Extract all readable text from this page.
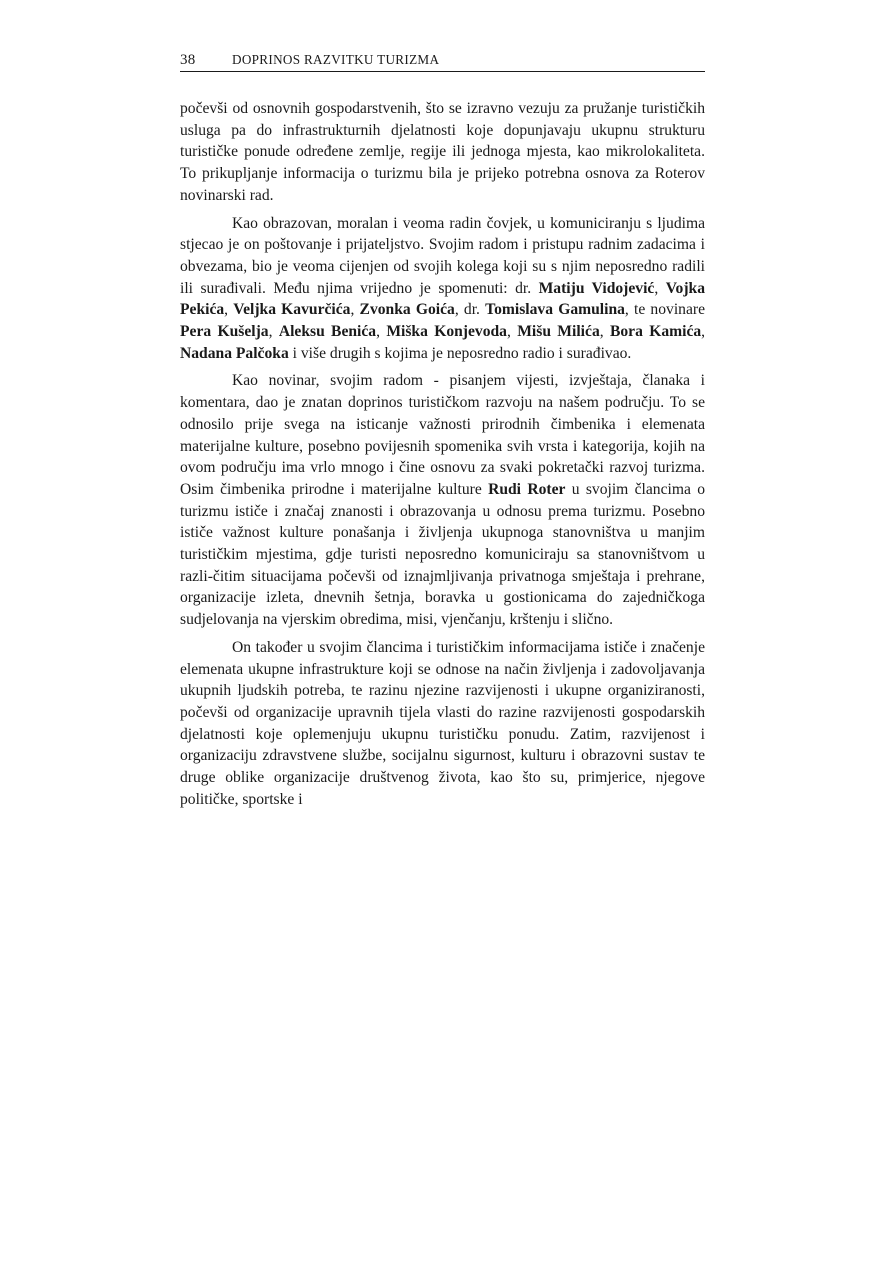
38	DOPRINOS RAZVITKU TURIZMA

počevši od osnovnih gospodarstvenih, što se izravno vezuju za pružanje turističkih usluga pa do infrastrukturnih djelatnosti koje dopunjavaju ukupnu strukturu turističke ponude određene zemlje, regije ili jednoga mjesta, kao mikrolokaliteta. To prikupljanje informacija o turizmu bila je prijeko potrebna osnova za Roterov novinarski rad.

Kao obrazovan, moralan i veoma radin čovjek, u komuniciranju s ljudima stjecao je on poštovanje i prijateljstvo. Svojim radom i pristupu radnim zadacima i obvezama, bio je veoma cijenjen od svojih kolega koji su s njim neposredno radili ili surađivali. Među njima vrijedno je spomenuti: dr. Matiju Vidojević, Vojka Pekića, Veljka Kavurčića, Zvonka Goića, dr. Tomislava Gamulina, te novinare Pera Kušelja, Aleksu Benića, Miška Konjevoda, Mišu Milića, Bora Kamića, Nadana Palčoka i više drugih s kojima je neposredno radio i surađivao.

Kao novinar, svojim radom - pisanjem vijesti, izvještaja, članaka i komentara, dao je znatan doprinos turističkom razvoju na našem području. To se odnosilo prije svega na isticanje važnosti prirodnih čimbenika i elemenata materijalne kulture, posebno povijesnih spomenika svih vrsta i kategorija, kojih na ovom području ima vrlo mnogo i čine osnovu za svaki pokretački razvoj turizma. Osim čimbenika prirodne i materijalne kulture Rudi Roter u svojim člancima o turizmu ističe i značaj znanosti i obrazovanja u odnosu prema turizmu. Posebno ističe važnost kulture ponašanja i življenja ukupnoga stanovništva u manjim turističkim mjestima, gdje turisti neposredno komuniciraju sa stanovništvom u razli-čitim situacijama počevši od iznajmljivanja privatnoga smještaja i prehrane, organizacije izleta, dnevnih šetnja, boravka u gostionicama do zajedničkoga sudjelovanja na vjerskim obredima, misi, vjenčanju, krštenju i slično.

On također u svojim člancima i turističkim informacijama ističe i značenje elemenata ukupne infrastrukture koji se odnose na način življenja i zadovoljavanja ukupnih ljudskih potreba, te razinu njezine razvijenosti i ukupne organiziranosti, počevši od organizacije upravnih tijela vlasti do razine razvijenosti gospodarskih djelatnosti koje oplemenjuju ukupnu turističku ponudu. Zatim, razvijenost i organizaciju zdravstvene službe, socijalnu sigurnost, kulturu i obrazovni sustav te druge oblike organizacije društvenog života, kao što su, primjerice, njegove političke, sportske i
